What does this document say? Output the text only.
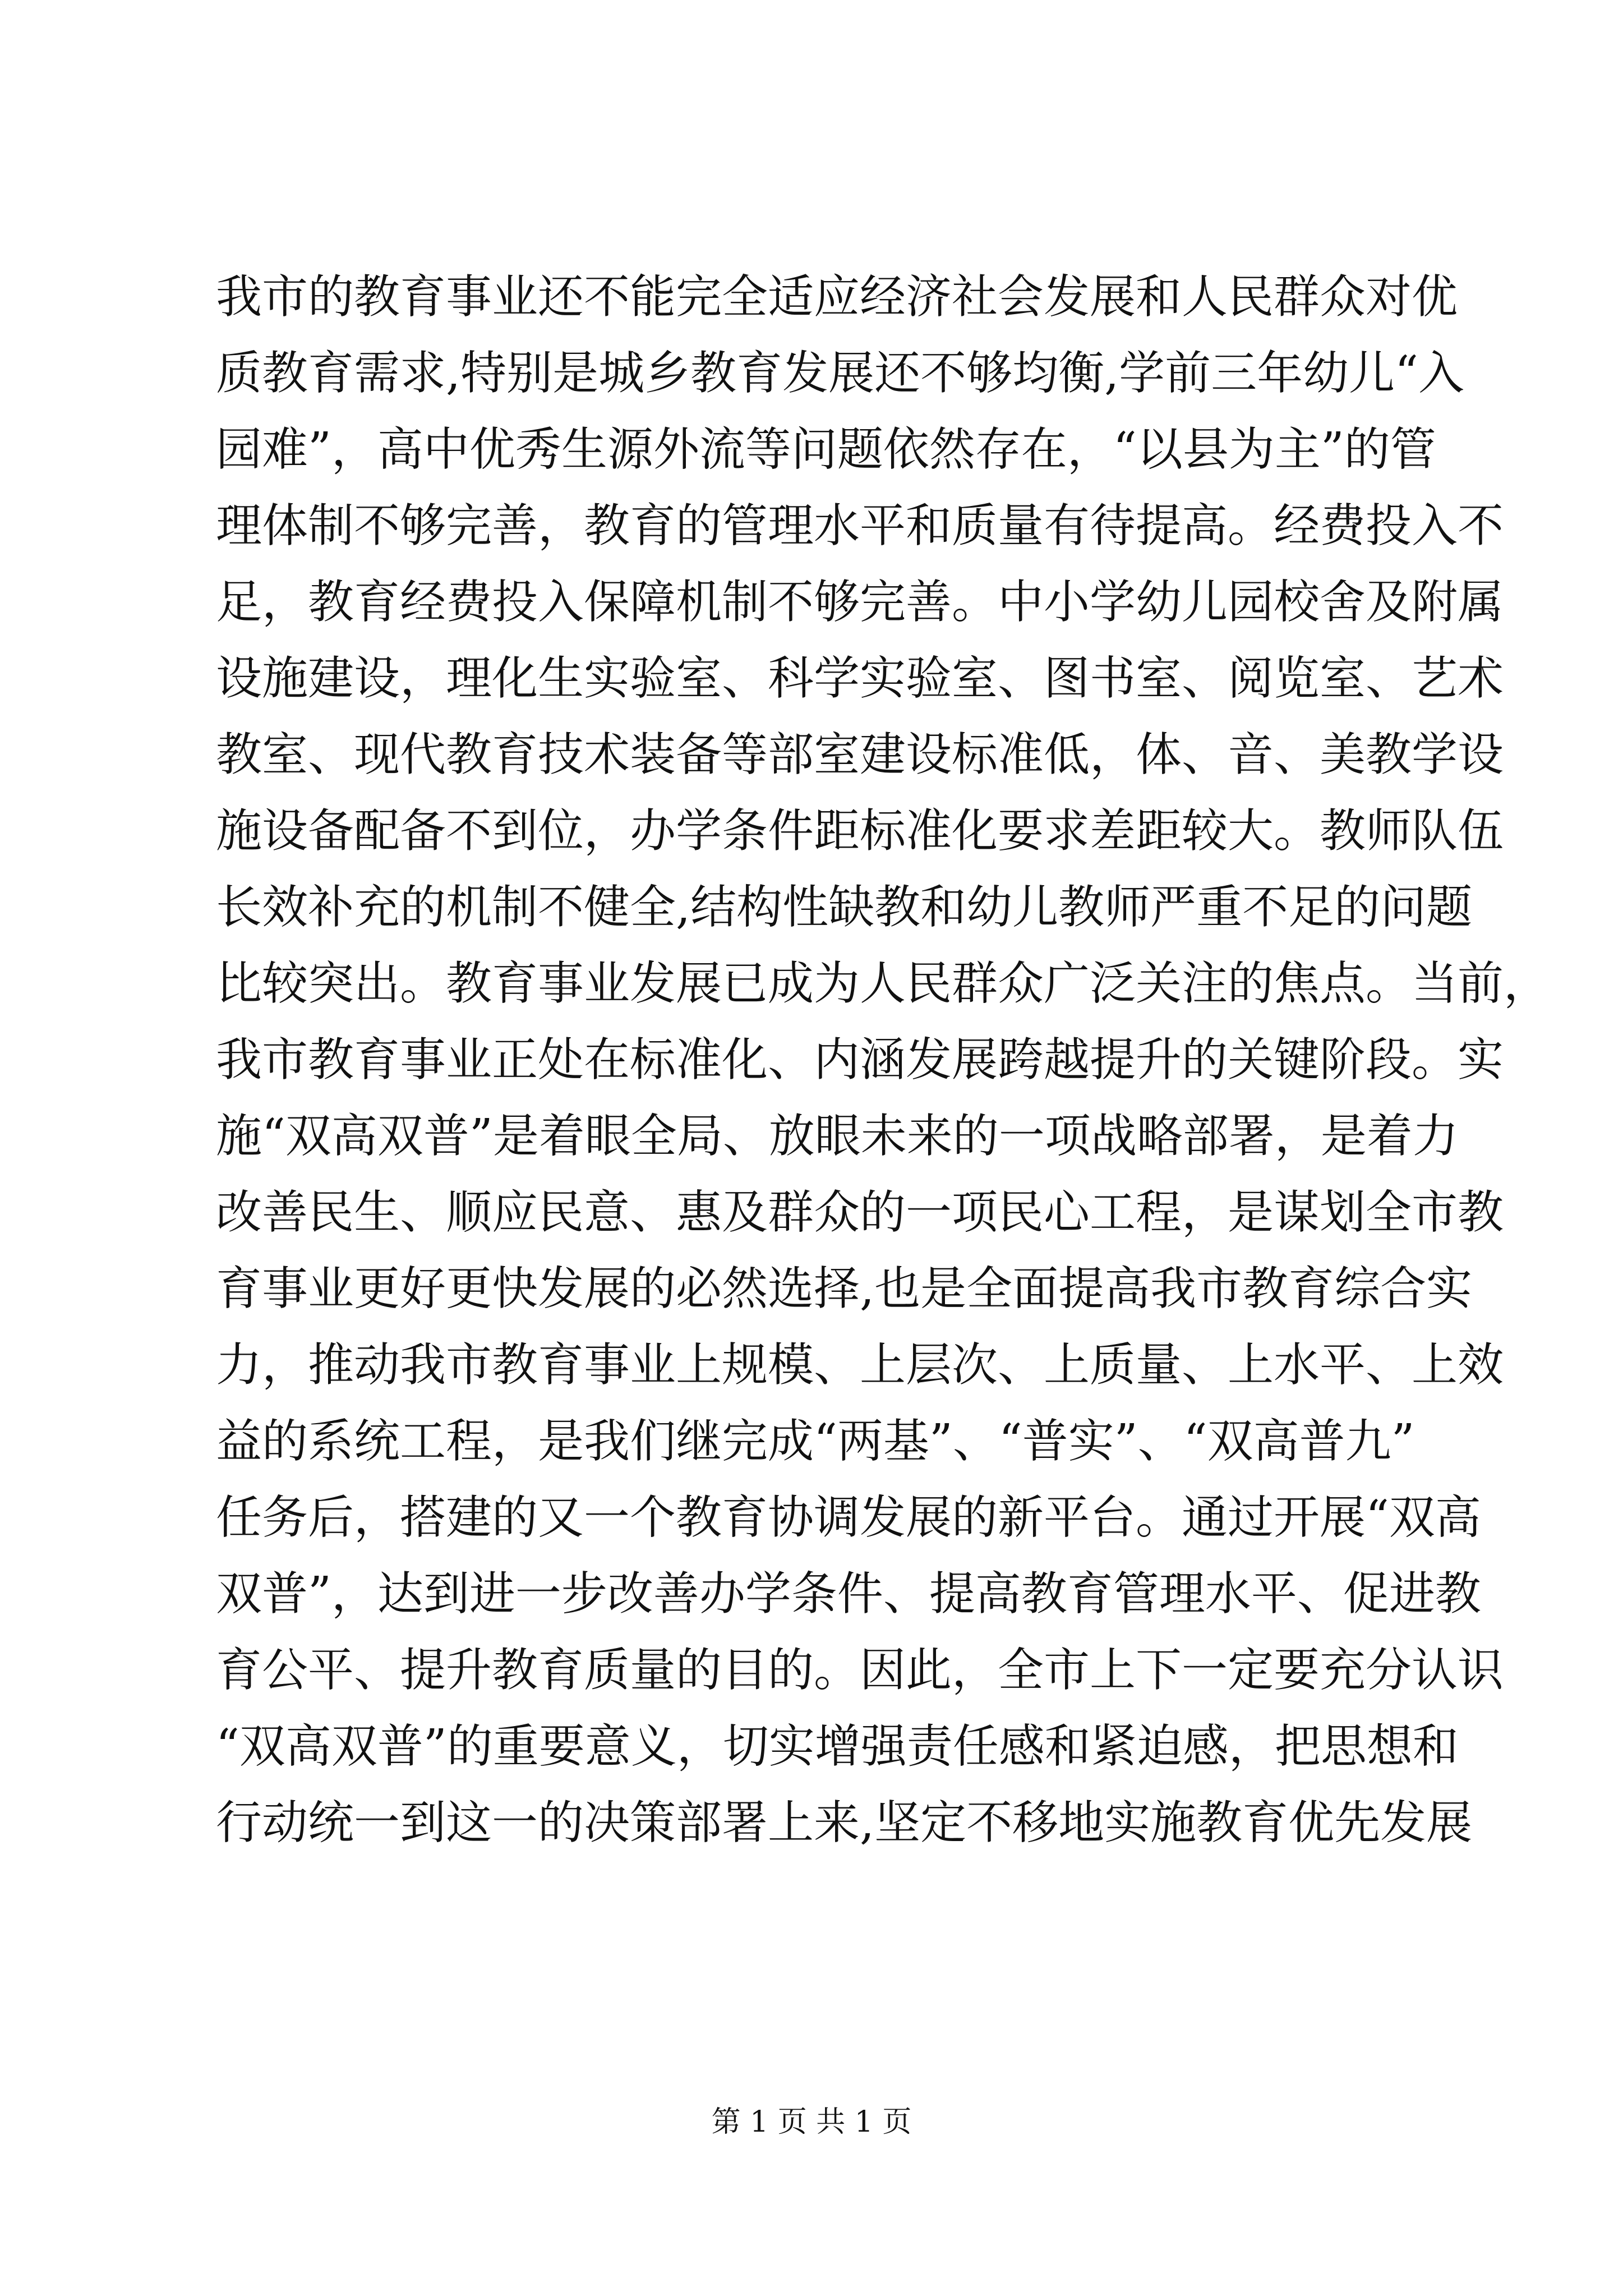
我市的教育事业还不能完全适应经济社会发展和人民群众对优
质教育需求,特别是城乡教育发展还不够均衡,学前三年幼儿“入
园难”，高中优秀生源外流等问题依然存在，“以县为主”的管
理体制不够完善，教育的管理水平和质量有待提高。经费投入不
足，教育经费投入保障机制不够完善。中小学幼儿园校舍及附属
设施建设，理化生实验室、科学实验室、图书室、阅览室、艺术
教室、现代教育技术装备等部室建设标准低，体、音、美教学设
施设备配备不到位，办学条件距标准化要求差距较大。教师队伍
长效补充的机制不健全,结构性缺教和幼儿教师严重不足的问题
比较突出。教育事业发展已成为人民群众广泛关注的焦点。当前，
我市教育事业正处在标准化、内涵发展跨越提升的关键阶段。实
施“双高双普”是着眼全局、放眼未来的一项战略部署，是着力
改善民生、顺应民意、惠及群众的一项民心工程，是谋划全市教
育事业更好更快发展的必然选择,也是全面提高我市教育综合实
力，推动我市教育事业上规模、上层次、上质量、上水平、上效
益的系统工程，是我们继完成“两基”、“普实”、“双高普九”
任务后，搭建的又一个教育协调发展的新平台。通过开展“双高
双普”，达到进一步改善办学条件、提高教育管理水平、促进教
育公平、提升教育质量的目的。因此，全市上下一定要充分认识
“双高双普”的重要意义，切实增强责任感和紧迫感，把思想和
行动统一到这一的决策部署上来,坚定不移地实施教育优先发展
第 1 页 共 1 页
